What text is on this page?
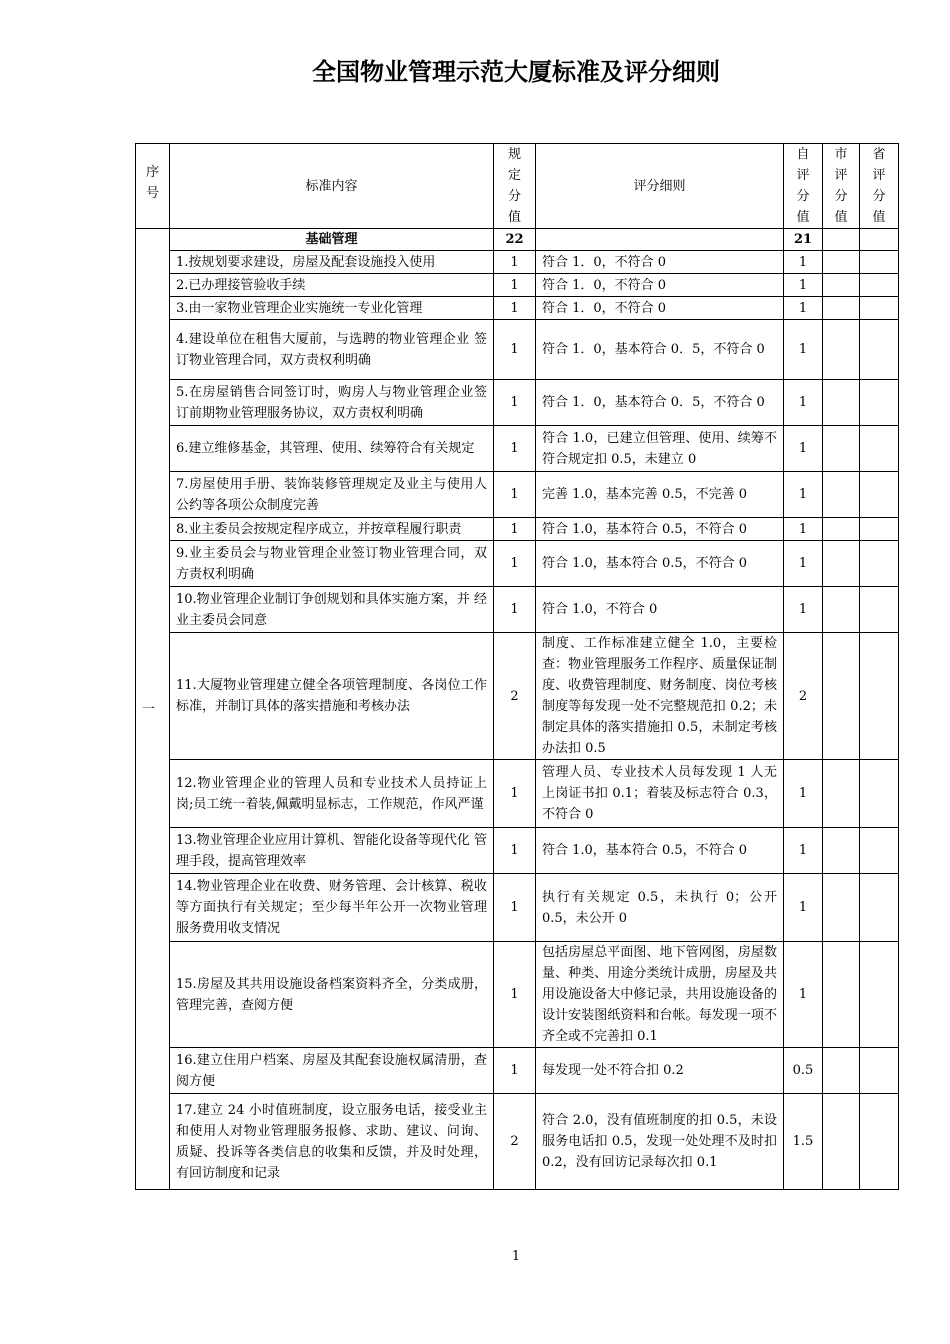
全国物业管理示范大厦标准及评分细则
序号	标准内容	规定分值	评分细则	自评分值	市评分值	省评分值

一	基础管理	22		21		
	1.按规划要求建设，房屋及配套设施投入使用	1	符合 1．0，不符合 0	1		
	2.已办理接管验收手续	1	符合 1．0，不符合 0	1		
	3.由一家物业管理企业实施统一专业化管理	1	符合 1．0，不符合 0	1		
	4.建设单位在租售大厦前，与选聘的物业管理企业 签订物业管理合同，双方责权利明确	1	符合 1．0，基本符合 0．5，不符合 0	1		
	5.在房屋销售合同签订时，购房人与物业管理企业签订前期物业管理服务协议，双方责权利明确	1	符合 1．0，基本符合 0．5，不符合 0	1		
	6.建立维修基金，其管理、使用、续筹符合有关规定	1	符合 1.0，已建立但管理、使用、续筹不符合规定扣 0.5，未建立 0	1		
	7.房屋使用手册、装饰装修管理规定及业主与使用人公约等各项公众制度完善	1	完善 1.0，基本完善 0.5，不完善 0	1		
	8.业主委员会按规定程序成立，并按章程履行职责	1	符合 1.0，基本符合 0.5，不符合 0	1		
	9.业主委员会与物业管理企业签订物业管理合同，双方责权利明确	1	符合 1.0，基本符合 0.5，不符合 0	1		
	10.物业管理企业制订争创规划和具体实施方案，并 经业主委员会同意	1	符合 1.0，不符合 0	1		
	11.大厦物业管理建立健全各项管理制度、各岗位工作标准，并制订具体的落实措施和考核办法	2	制度、工作标准建立健全 1.0，主要检查：物业管理服务工作程序、质量保证制度、收费管理制度、财务制度、岗位考核制度等每发现一处不完整规范扣 0.2；未制定具体的落实措施扣 0.5，未制定考核办法扣 0.5	2		
	12.物业管理企业的管理人员和专业技术人员持证上岗;员工统一着装,佩戴明显标志，工作规范，作风严谨	1	管理人员、专业技术人员每发现 1 人无上岗证书扣 0.1；着装及标志符合 0.3，不符合 0	1		
	13.物业管理企业应用计算机、智能化设备等现代化 管理手段，提高管理效率	1	符合 1.0，基本符合 0.5，不符合 0	1		
	14.物业管理企业在收费、财务管理、会计核算、税收等方面执行有关规定；至少每半年公开一次物业管理服务费用收支情况	1	执行有关规定 0.5，未执行 0；公开 0.5，未公开 0	1		
	15.房屋及其共用设施设备档案资料齐全，分类成册，管理完善，查阅方便	1	包括房屋总平面图、地下管网图，房屋数量、种类、用途分类统计成册，房屋及共用设施设备大中修记录，共用设施设备的设计安装图纸资料和台帐。每发现一项不齐全或不完善扣 0.1	1		
	16.建立住用户档案、房屋及其配套设施权属清册，查阅方便	1	每发现一处不符合扣 0.2	0.5		
	17.建立 24 小时值班制度，设立服务电话，接受业主和使用人对物业管理服务报修、求助、建议、问询、质疑、投诉等各类信息的收集和反馈，并及时处理，有回访制度和记录	2	符合 2.0，没有值班制度的扣 0.5，未设服务电话扣 0.5，发现一处处理不及时扣 0.2，没有回访记录每次扣 0.1	1.5		
1
